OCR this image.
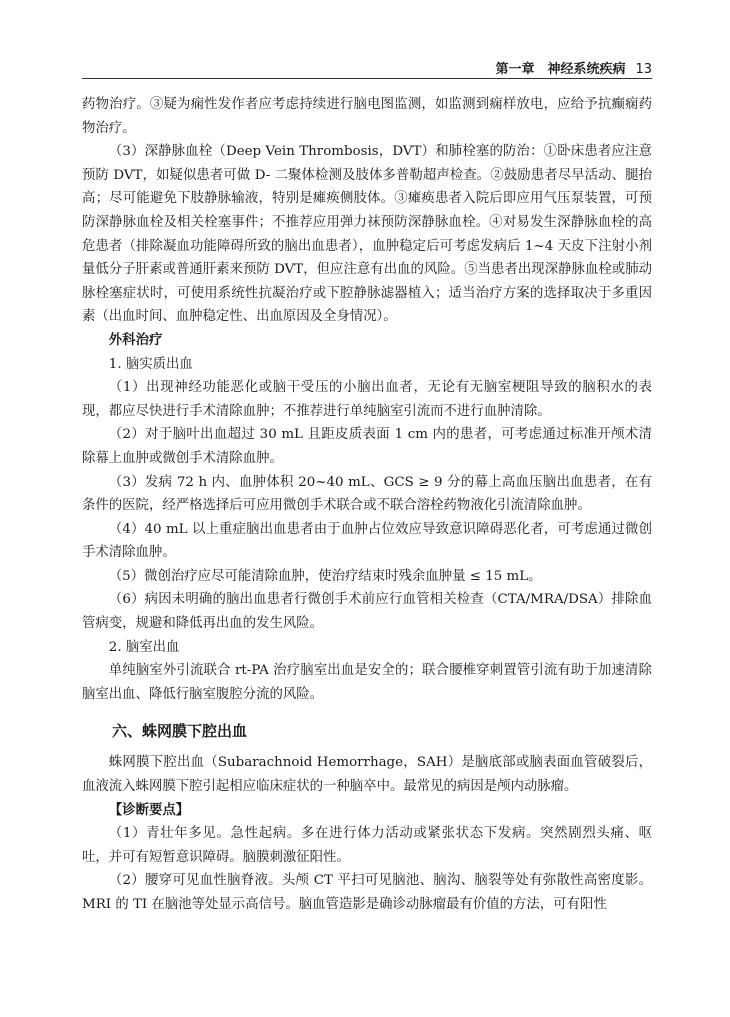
第一章　神经系统疾病 13

药物治疗。③疑为痫性发作者应考虑持续进行脑电图监测，如监测到痫样放电，应给予抗癫痫药物治疗。

（3）深静脉血栓（Deep Vein Thrombosis，DVT）和肺栓塞的防治：①卧床患者应注意预防 DVT，如疑似患者可做 D- 二聚体检测及肢体多普勒超声检查。②鼓励患者尽早活动、腿抬高；尽可能避免下肢静脉输液，特别是瘫痪侧肢体。③瘫痪患者入院后即应用气压泵装置，可预防深静脉血栓及相关栓塞事件；不推荐应用弹力袜预防深静脉血栓。④对易发生深静脉血栓的高危患者（排除凝血功能障碍所致的脑出血患者），血肿稳定后可考虑发病后 1~4 天皮下注射小剂量低分子肝素或普通肝素来预防 DVT，但应注意有出血的风险。⑤当患者出现深静脉血栓或肺动脉栓塞症状时，可使用系统性抗凝治疗或下腔静脉滤器植入；适当治疗方案的选择取决于多重因素（出血时间、血肿稳定性、出血原因及全身情况）。

外科治疗

1. 脑实质出血

（1）出现神经功能恶化或脑干受压的小脑出血者，无论有无脑室梗阻导致的脑积水的表现，都应尽快进行手术清除血肿；不推荐进行单纯脑室引流而不进行血肿清除。

（2）对于脑叶出血超过 30 mL 且距皮质表面 1 cm 内的患者，可考虑通过标准开颅术清除幕上血肿或微创手术清除血肿。

（3）发病 72 h 内、血肿体积 20~40 mL、GCS ≥ 9 分的幕上高血压脑出血患者，在有条件的医院，经严格选择后可应用微创手术联合或不联合溶栓药物液化引流清除血肿。

（4）40 mL 以上重症脑出血患者由于血肿占位效应导致意识障碍恶化者，可考虑通过微创手术清除血肿。

（5）微创治疗应尽可能清除血肿，使治疗结束时残余血肿量 ≤ 15 mL。

（6）病因未明确的脑出血患者行微创手术前应行血管相关检查（CTA/MRA/DSA）排除血管病变，规避和降低再出血的发生风险。

2. 脑室出血

单纯脑室外引流联合 rt-PA 治疗脑室出血是安全的；联合腰椎穿刺置管引流有助于加速清除脑室出血、降低行脑室腹腔分流的风险。

六、蛛网膜下腔出血

蛛网膜下腔出血（Subarachnoid Hemorrhage，SAH）是脑底部或脑表面血管破裂后，血液流入蛛网膜下腔引起相应临床症状的一种脑卒中。最常见的病因是颅内动脉瘤。

【诊断要点】

（1）青壮年多见。急性起病。多在进行体力活动或紧张状态下发病。突然剧烈头痛、呕吐，并可有短暂意识障碍。脑膜刺激征阳性。

（2）腰穿可见血性脑脊液。头颅 CT 平扫可见脑池、脑沟、脑裂等处有弥散性高密度影。MRI 的 TI 在脑池等处显示高信号。脑血管造影是确诊动脉瘤最有价值的方法，可有阳性
